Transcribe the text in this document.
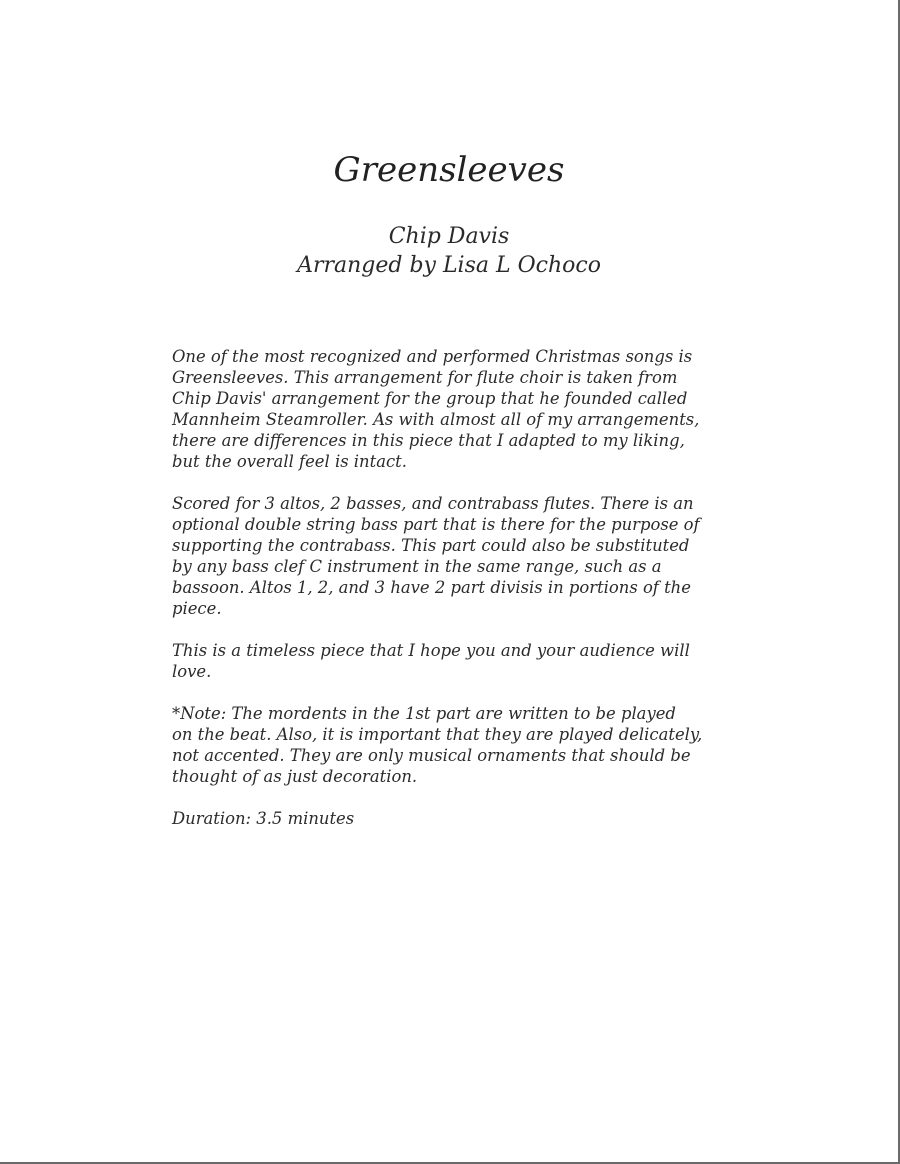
Greensleeves

Chip Davis

Arranged by Lisa L Ochoco

One of the most recognized and performed Christmas songs is
Greensleeves. This arrangement for flute choir is taken from
Chip Davis' arrangement for the group that he founded called
Mannheim Steamroller. As with almost all of my arrangements,
there are differences in this piece that I adapted to my liking,
but the overall feel is intact.

Scored for 3 altos, 2 basses, and contrabass flutes. There is an
optional double string bass part that is there for the purpose of
supporting the contrabass. This part could also be substituted
by any bass clef C instrument in the same range, such as a
bassoon. Altos 1, 2, and 3 have 2 part divisis in portions of the
piece.

This is a timeless piece that I hope you and your audience will
love.

*Note: The mordents in the 1st part are written to be played
on the beat. Also, it is important that they are played delicately,
not accented. They are only musical ornaments that should be
thought of as just decoration.

Duration: 3.5 minutes
